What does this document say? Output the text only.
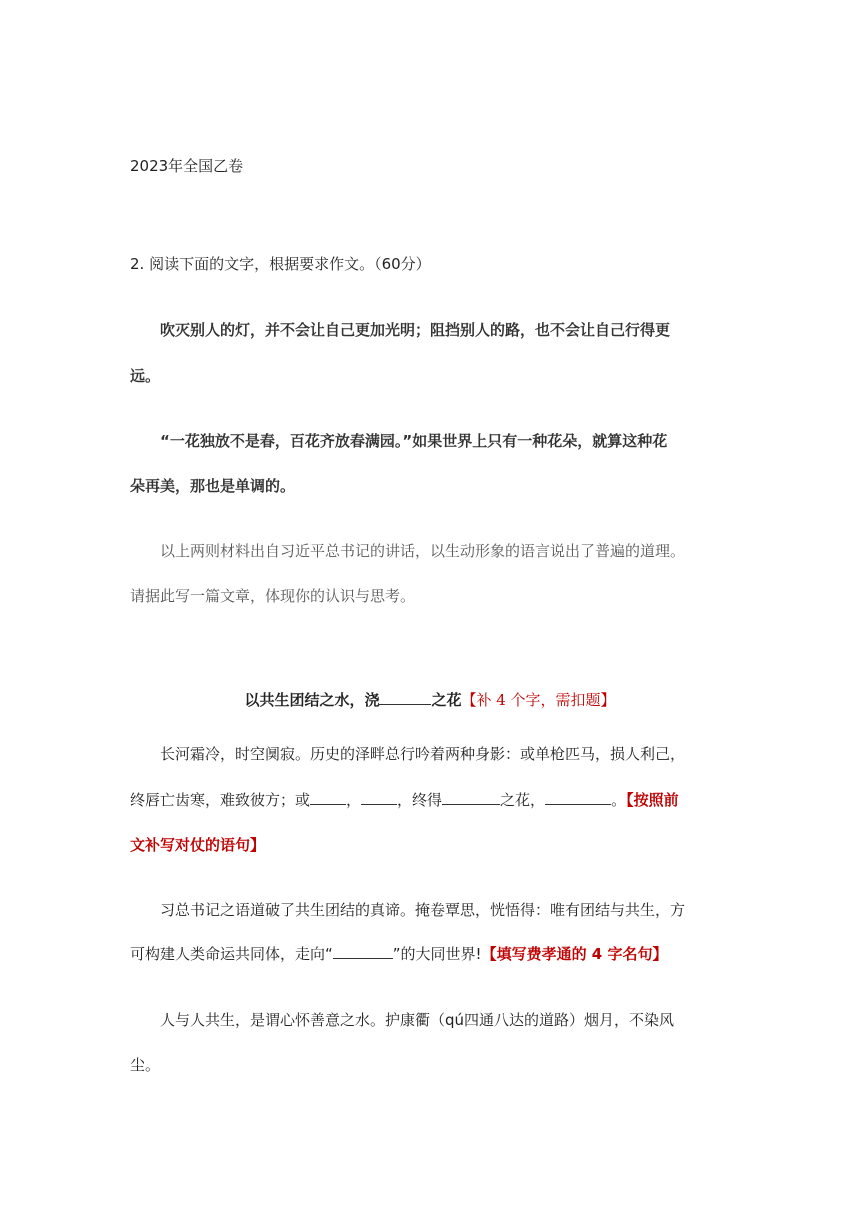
2023年全国乙卷
2. 阅读下面的文字，根据要求作文。（60分）
吹灭别人的灯，并不会让自己更加光明；阻挡别人的路，也不会让自己行得更
远。
“一花独放不是春，百花齐放春满园。”如果世界上只有一种花朵，就算这种花
朵再美，那也是单调的。
以上两则材料出自习近平总书记的讲话，以生动形象的语言说出了普遍的道理。
请据此写一篇文章，体现你的认识与思考。
以共生团结之水，浇	之花【补 4 个字，需扣题】
长河霜冷，时空阒寂。历史的泽畔总行吟着两种身影：或单枪匹马，损人利己，
终唇亡齿寒，难致彼方；或 ， ，终得	之花，	。【按照前
文补写对仗的语句】
习总书记之语道破了共生团结的真谛。掩卷覃思，恍悟得：唯有团结与共生，方
可构建人类命运共同体，走向“	”的大同世界!【填写费孝通的 4 字名句】
人与人共生，是谓心怀善意之水。护康衢（qú四通八达的道路）烟月，不染风
尘。
